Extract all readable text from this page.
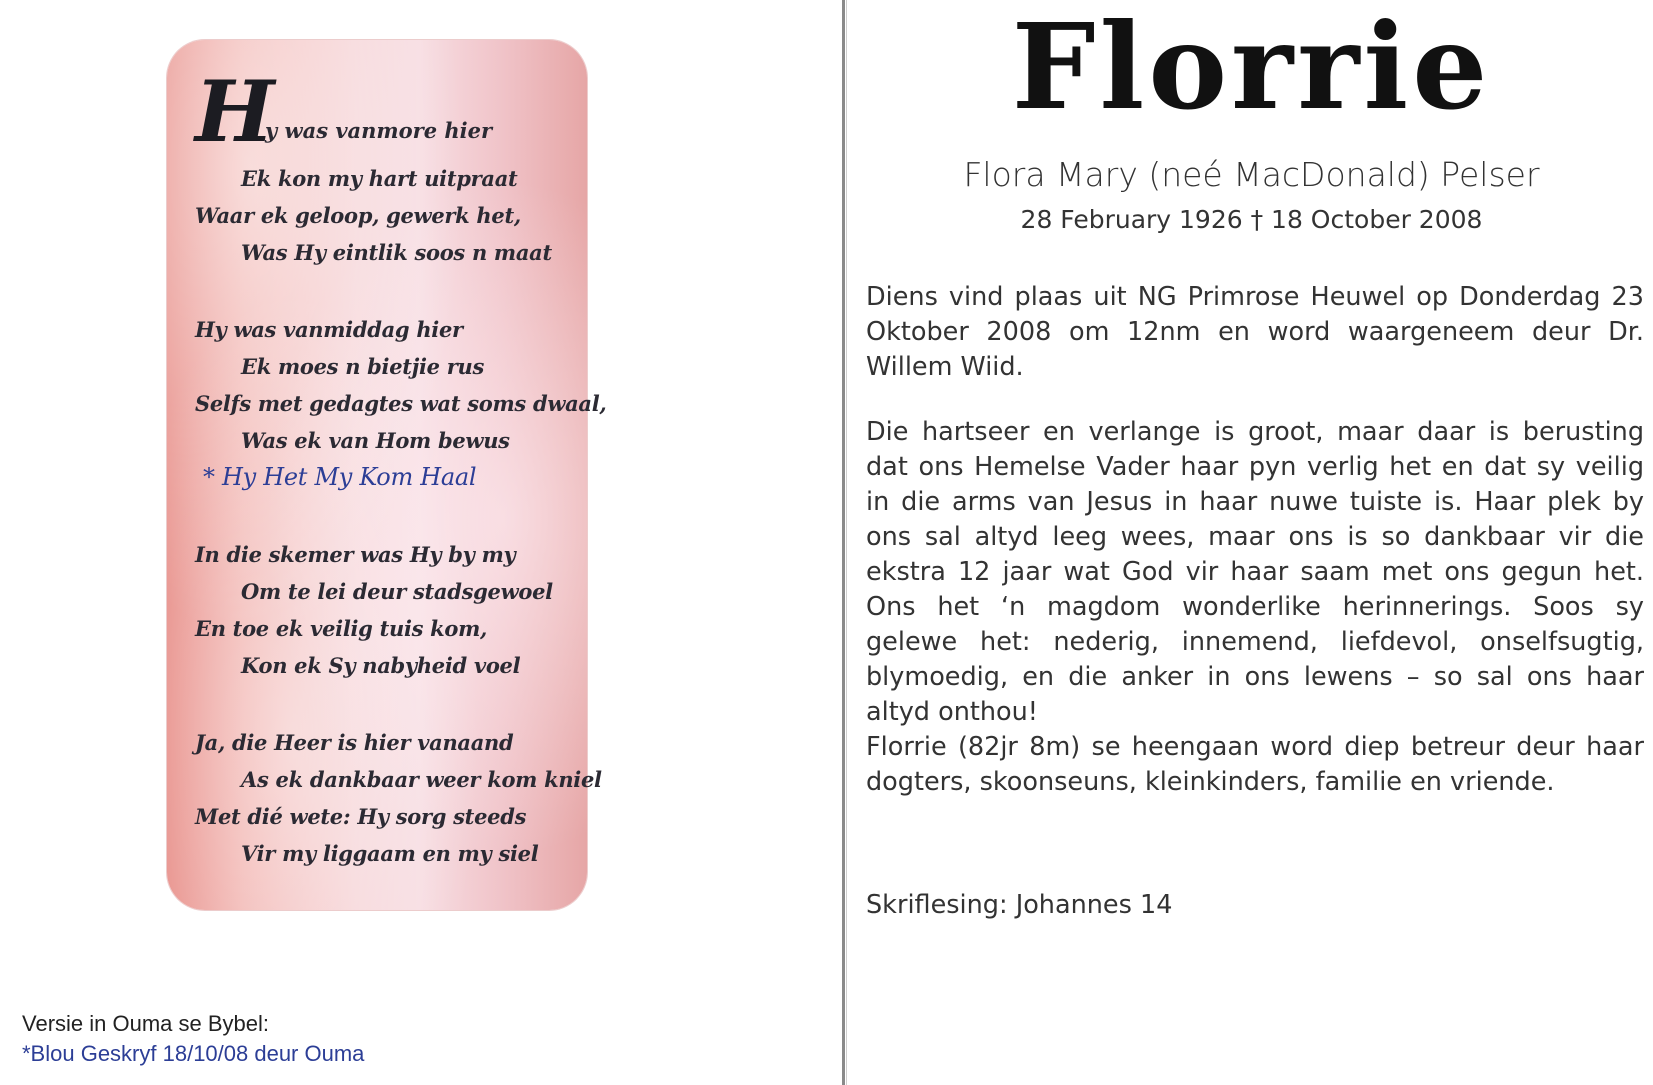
H
y was vanmore hier
Ek kon my hart uitpraat
Waar ek geloop, gewerk het,
Was Hy eintlik soos n maat
Hy was vanmiddag hier
Ek moes n bietjie rus
Selfs met gedagtes wat soms dwaal,
Was ek van Hom bewus
* Hy Het My Kom Haal
In die skemer was Hy by my
Om te lei deur stadsgewoel
En toe ek veilig tuis kom,
Kon ek Sy nabyheid voel
Ja, die Heer is hier vanaand
As ek dankbaar weer kom kniel
Met dié wete: Hy sorg steeds
Vir my liggaam en my siel
Versie in Ouma se Bybel:
*Blou Geskryf 18/10/08 deur Ouma
Florrie
Flora Mary (neé MacDonald) Pelser
28 February 1926 † 18 October 2008

Diens vind plaas uit NG Primrose Heuwel op Donderdag 23 Oktober 2008 om 12nm en word waargeneem deur Dr. Willem Wiid.

Die hartseer en verlange is groot, maar daar is berusting dat ons Hemelse Vader haar pyn verlig het en dat sy veilig in die arms van Jesus in haar nuwe tuiste is. Haar plek by ons sal altyd leeg wees, maar ons is so dankbaar vir die ekstra 12 jaar wat God vir haar saam met ons gegun het. Ons het ‘n magdom wonderlike herinnerings. Soos sy gelewe het: nederig, innemend, liefdevol, onselfsugtig, blymoedig, en die anker in ons lewens – so sal ons haar altyd onthou!

Florrie (82jr 8m) se heengaan word diep betreur deur haar dogters, skoonseuns, kleinkinders, familie en vriende.

Skriflesing: Johannes 14
